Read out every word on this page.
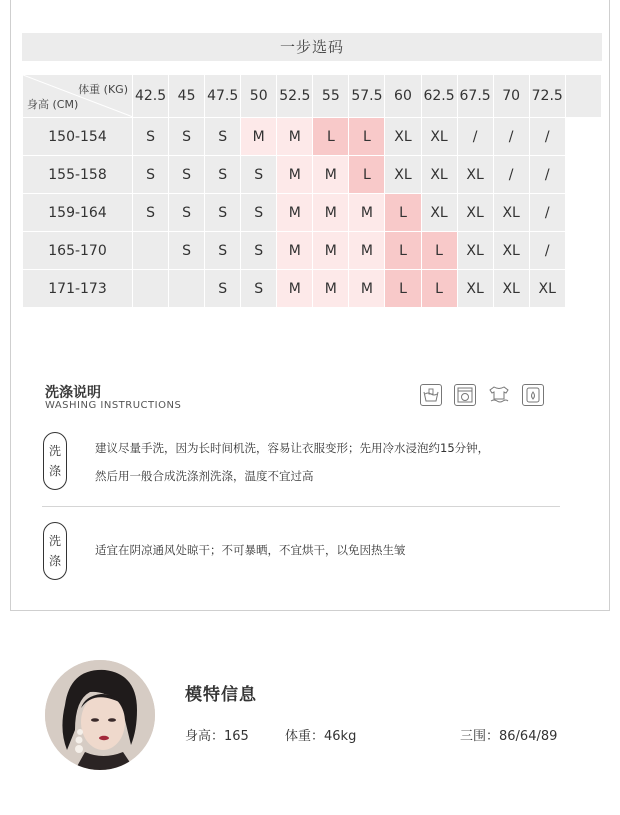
一步选码
体重 (KG)
身高 (CM)	42.5	45	47.5	50	52.5	55	57.5	60	62.5	67.5	70	72.5	
150-154	S	S	S	M	M	L	L	XL	XL	/	/	/	
155-158	S	S	S	S	M	M	L	XL	XL	XL	/	/	
159-164	S	S	S	S	M	M	M	L	XL	XL	XL	/	
165-170		S	S	S	M	M	M	L	L	XL	XL	/	
171-173			S	S	M	M	M	L	L	XL	XL	XL	
洗涤说明
WASHING INSTRUCTIONS
洗
涤
建议尽量手洗，因为长时间机洗，容易让衣服变形；先用冷水浸泡约15分钟，
然后用一般合成洗涤剂洗涤，温度不宜过高
洗
涤
适宜在阴凉通风处晾干；不可暴晒，不宜烘干，以免因热生皱
模特信息
身高：165	体重：46kg	三围：86/64/89
